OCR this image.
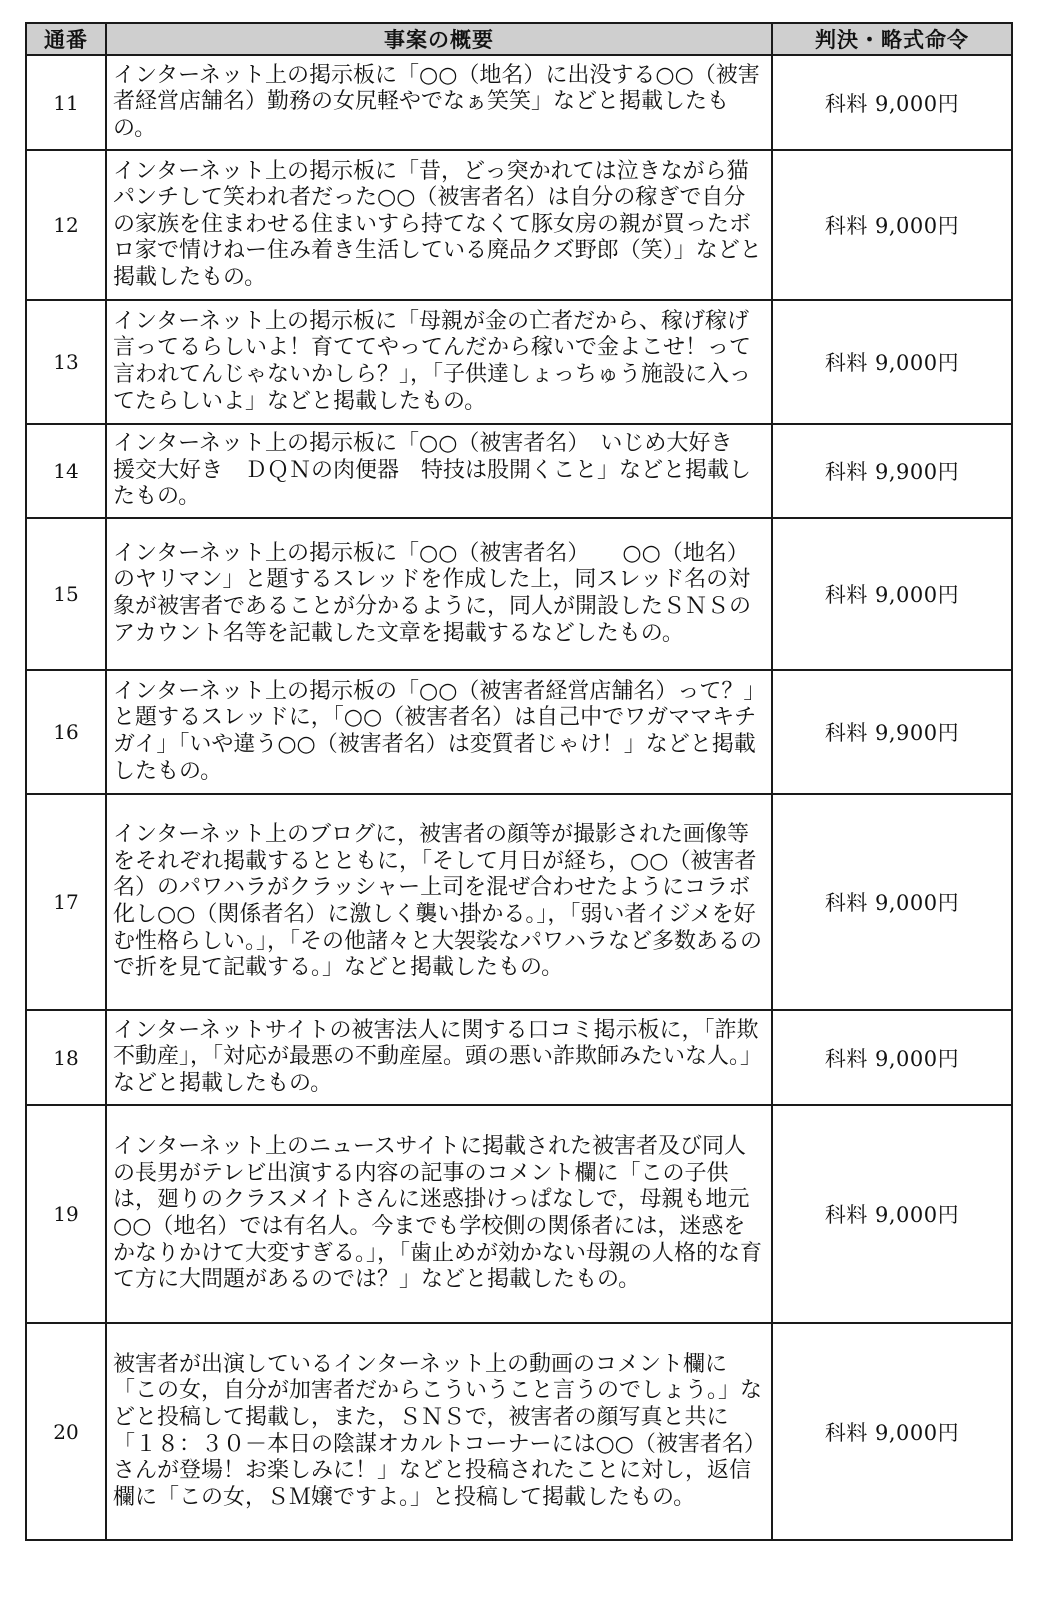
通番	事案の概要	判決・略式命令
11	インターネット上の掲示板に「○○（地名）に出没する○○（被害者経営店舗名）勤務の女尻軽やでなぁ笑笑」などと掲載したもの。	科料 9,000円
12	インターネット上の掲示板に「昔，どっ突かれては泣きながら猫パンチして笑われ者だった○○（被害者名）は自分の稼ぎで自分の家族を住まわせる住まいすら持てなくて豚女房の親が買ったボロ家で情けねー住み着き生活している廃品クズ野郎（笑）」などと掲載したもの。	科料 9,000円
13	インターネット上の掲示板に「母親が金の亡者だから、稼げ稼げ言ってるらしいよ！育ててやってんだから稼いで金よこせ！って言われてんじゃないかしら？」，「子供達しょっちゅう施設に入ってたらしいよ」などと掲載したもの。	科料 9,000円
14	インターネット上の掲示板に「○○（被害者名）　いじめ大好き　援交大好き　ＤＱＮの肉便器　特技は股開くこと」などと掲載したもの。	科料 9,900円
15	インターネット上の掲示板に「○○（被害者名）　　○○（地名）のヤリマン」と題するスレッドを作成した上，同スレッド名の対象が被害者であることが分かるように，同人が開設したＳＮＳのアカウント名等を記載した文章を掲載するなどしたもの。	科料 9,000円
16	インターネット上の掲示板の「○○（被害者経営店舗名）って？」と題するスレッドに，「○○（被害者名）は自己中でワガママキチガイ」「いや違う○○（被害者名）は変質者じゃけ！」などと掲載したもの。	科料 9,900円
17	インターネット上のブログに，被害者の顔等が撮影された画像等をそれぞれ掲載するとともに，「そして月日が経ち，○○（被害者名）のパワハラがクラッシャー上司を混ぜ合わせたようにコラボ化し○○（関係者名）に激しく襲い掛かる。」，「弱い者イジメを好む性格らしい。」，「その他諸々と大袈裟なパワハラなど多数あるので折を見て記載する。」などと掲載したもの。	科料 9,000円
18	インターネットサイトの被害法人に関する口コミ掲示板に，「詐欺不動産」，「対応が最悪の不動産屋。頭の悪い詐欺師みたいな人。」などと掲載したもの。	科料 9,000円
19	インターネット上のニュースサイトに掲載された被害者及び同人の長男がテレビ出演する内容の記事のコメント欄に「この子供は，廻りのクラスメイトさんに迷惑掛けっぱなしで，母親も地元○○（地名）では有名人。今までも学校側の関係者には，迷惑をかなりかけて大変すぎる。」，「歯止めが効かない母親の人格的な育て方に大問題があるのでは？」などと掲載したもの。	科料 9,000円
20	被害者が出演しているインターネット上の動画のコメント欄に「この女，自分が加害者だからこういうこと言うのでしょう。」などと投稿して掲載し，また，ＳＮＳで，被害者の顔写真と共に「１８：３０－本日の陰謀オカルトコーナーには○○（被害者名）さんが登場！お楽しみに！」などと投稿されたことに対し，返信欄に「この女，ＳＭ嬢ですよ。」と投稿して掲載したもの。	科料 9,000円
